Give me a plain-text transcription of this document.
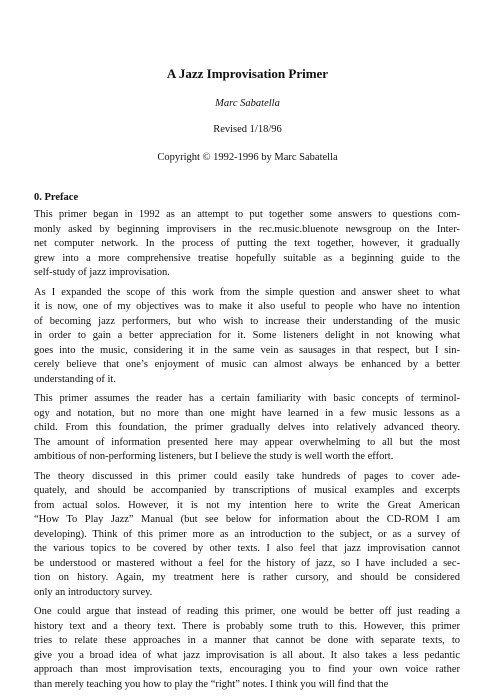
A Jazz Improvisation Primer
Marc Sabatella
Revised 1/18/96
Copyright © 1992-1996 by Marc Sabatella
0. Preface
This primer began in 1992 as an attempt to put together some answers to questions com-
monly asked by beginning improvisers in the rec.music.bluenote newsgroup on the Inter-
net computer network. In the process of putting the text together, however, it gradually
grew into a more comprehensive treatise hopefully suitable as a beginning guide to the
self-study of jazz improvisation.
As I expanded the scope of this work from the simple question and answer sheet to what
it is now, one of my objectives was to make it also useful to people who have no intention
of becoming jazz performers, but who wish to increase their understanding of the music
in order to gain a better appreciation for it. Some listeners delight in not knowing what
goes into the music, considering it in the same vein as sausages in that respect, but I sin-
cerely believe that one’s enjoyment of music can almost always be enhanced by a better
understanding of it.
This primer assumes the reader has a certain familiarity with basic concepts of terminol-
ogy and notation, but no more than one might have learned in a few music lessons as a
child. From this foundation, the primer gradually delves into relatively advanced theory.
The amount of information presented here may appear overwhelming to all but the most
ambitious of non-performing listeners, but I believe the study is well worth the effort.
The theory discussed in this primer could easily take hundreds of pages to cover ade-
quately, and should be accompanied by transcriptions of musical examples and excerpts
from actual solos. However, it is not my intention here to write the Great American
“How To Play Jazz” Manual (but see below for information about the CD-ROM I am
developing). Think of this primer more as an introduction to the subject, or as a survey of
the various topics to be covered by other texts. I also feel that jazz improvisation cannot
be understood or mastered without a feel for the history of jazz, so I have included a sec-
tion on history. Again, my treatment here is rather cursory, and should be considered
only an introductory survey.
One could argue that instead of reading this primer, one would be better off just reading a
history text and a theory text. There is probably some truth to this. However, this primer
tries to relate these approaches in a manner that cannot be done with separate texts, to
give you a broad idea of what jazz improvisation is all about. It also takes a less pedantic
approach than most improvisation texts, encouraging you to find your own voice rather
than merely teaching you how to play the “right” notes. I think you will find that the
